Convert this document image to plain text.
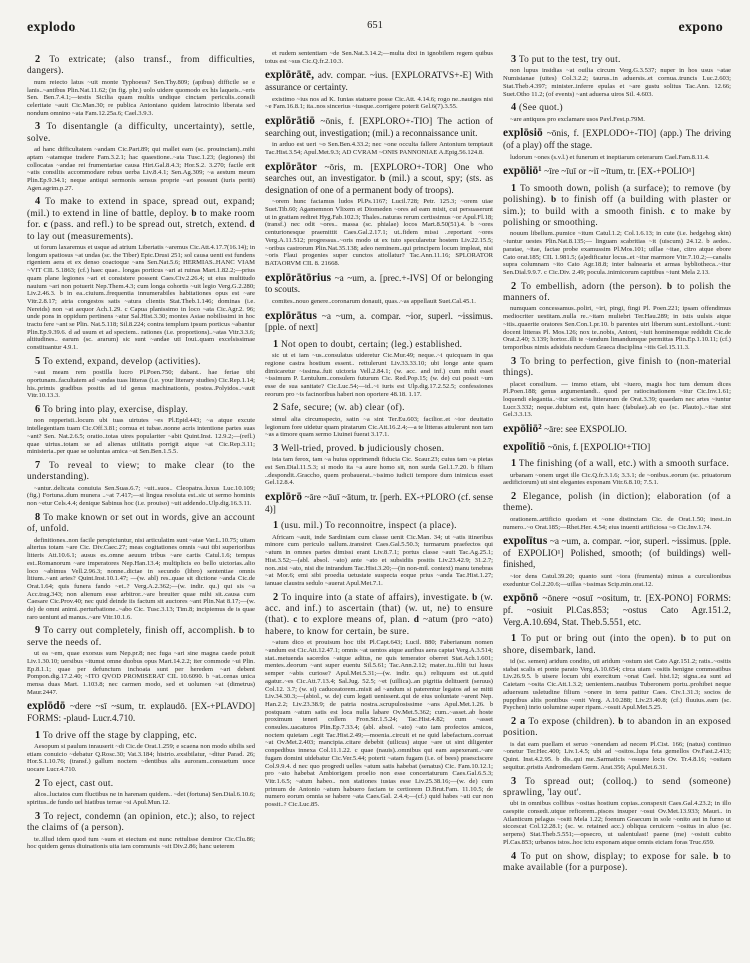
explodo	651	expono
2 To extricate; (also transf., from difficulties, dangers).
num reiecto latus ~uit monte Typhoeus? Sen.Thy.809; (apibus) difficile se e lanis..~antibus Plin.Nat.11.62; (in fig. phr.) uolo uidere quomodo ex his laqueis..~eris Sen. Ben.7.4.1;—testis Sicilia quam multis undique cinctam periculis..consili celeritate ~auit Cic.Man.30; re publica Antoniano quidem latrocinio liberata sed nondum omnino ~ata Fam.12.25a.6; Cael.3.9.3.
3 To disentangle (a difficulty, uncertainty), settle, solve.
ad hanc difficultatem ~andam Cic.Part.89; qui mallet eam (sc. prouinciam)..mihi aptam ~atamque tradere Fam.3.2.1; hac quaestione..~ata Tusc.1.23; (legiones) ibi collocatas ~andae rei frumentariae causa Hirt.Gal.8.4.3; Hor.S.2. 3.270; facile erit ~atis consiliis accommodare rebus uerba Liv.8.4.1; Sen.Ag.309; ~a aestum meum Plin.Ep.9.34.1; neque antiqui sermonis sensus proprie ~ari possunt (iuris periti) Agen.agrim.p.27.
4 To make to extend in space, spread out, expand; (mil.) to extend in line of battle, deploy. b to make room for. c (pass. and refl.) to be spread out, stretch, extend. d to lay out (measurements).
ut forum laxaremus et usque ad atrium Libertatis ~aremus Cic.Att.4.17.7(16.14); in longum spatiosus ~at undas (sc. the Tiber) Epic.Drusi 251; sol causa uenti est fundens rigentem aera et ex denso coactoque ~ans Sen.Nat.5.6; HERMIAS..HANC VIAM ~VIT CIL 5.1863; (cf.) haec quae.. longas porticus ~ari at ruinas Mart.1.82.2;—prius quam plane legiones ~ari et consistere possent Caes.Civ.2.26.4; ut eius multitudo nauium ~ari non potuerit Nep.Them.4.3; cum longa cohortis ~uit legio Verg.G.2.280; Liv.2.46.3. b in ea..ciuium..frequentia innumerabiles habitationes opus est ~are Vitr.2.8.17; atria congestos satis ~atura clientis Stat.Theb.1.146; dominas (i.e. Nereids) non ~at aequor Ach.1.29. c Capua planissimo in loco ~ata Cic.Agr.2. 96; unde pons in oppidum pertinens ~atur Sal.Hist.3.30; montes Asiae nobilissimi in hoc tractu fere ~ant se Plin. Nat.5.118; Sil.8.224; contra templum ipsum porticus ~abantur Plin.Ep.9.39.6. d ad usum et ad speciem.. rationes (i.e. proportions)..~atas Vitr.3.3.6; altitudines.. earum (sc. ararum) sic sunt ~andae uti Ioui..quam excelsissimae constituantur 4.9.1.
5 To extend, expand, develop (activities).
~aui meam rem postilla lucro Pl.Poen.750; dabant.. hae feriae tibi oportunam..facultatem ad ~andas tuas litteras (i.e. your literary studies) Cic.Rep.1.14; his..primis gradibus positis ad id genus machinationis, postea..Polyidos..~auit Vitr.10.13.3.
6 To bring into play, exercise, display.
non repperisti..locum ubi tuas uirtutes ~es Pl.Epid.443; ~a atque excute intellegentiam tuam Cic.Off.3.81; cornua et tubae..nonne acris intentione partes suas ~ant? Sen. Nat.2.6.5; oratio..totas uires populariter ~abit Quint.Inst. 12.9.2;—(refl.) quae uirtus..totam se ad alienas utilitatis porrigit atque ~at Cic.Rep.3.11; ministeria..per quae se uoluntas amica ~at Sen.Ben.1.5.5.
7 To reveal to view; to make clear (to the understanding).
~antur..delicata conuiuia Sen.Suas.6.7; ~uit..suos.. Cleopatra..luxus Luc.10.109; (fig.) Fortuna..dum munera ..~at 7.417;—si lingua resoluta est..sic ut sermo hominis non ~etur Cels.4.4; denique Sabinus hoc (i.e. prouiso) ~uit addendo..Ulp.dig.16.3.11.
8 To make known or set out in words, give an account of, unfold.
definitiones..non facile perspiciuntur, nisi articulatim sunt ~atae Var.L.10.75; uitam alterius totam ~are Cic. Div.Caec.27; meas cogitationes omnis ~aui tibi superioribus litteris Att.10.6.1; ausus es..omne aeuum tribus ~are cartis Catul.1.6; tempus est..Romanorum ~are imperatores Nep.Han.13.4; multiplicis eo bello uictorias..alio loco ~abimus Vell.2.96.3; nonne..dictae in secundo (libro) sententiae omnis litium..~ant artes? Quint.Inst.10.1.47; —(w. abl) res..quae sit dictione ~anda Cic.de Orat.1.64; quis funera fando ~et..? Verg.A.2.362;—(w. indir. qu.) qui sis ~a Acc.trag.343; non alienum esse arbitror..~are breuiter quae mihi sit..causa cum Caesare Cic.Prov.40; nec quid deinde iis factum sit auctores ~ant Plin.Nat 8.17;—(w. de) de omni animi..perturbatione..~abo Cic. Tusc.3.13; Tim.8; incipiemus de is quae raro ueniunt ad manus..~are Vitr.10.1.6.
9 To carry out completely, finish off, accomplish. b to serve the needs of.
ut ea ~em, quae exorsus sum Nep.pr.8; nec fuga ~ari sine magna caede potuit Liv.1.30.10; uersibus ~itumst omne duobus opus Mart.14.2.2; iter commode ~ui Plin. Ep.8.1.1; quae per defunctum inchoata sunt per heredem ~ari debent Pompon.dig.17.2.40; ~ITO QVOD PROMISERAT CIL 10.6090. b ~at..cenas unica mensa duas Mart. 1.103.8; nec carmen modo, sed et uolumen ~at (dimetrus) Maur.2447.
explōdō ~dere ~sī ~sum, tr. explaudō. [EX-+PLAVDO] FORMS: -plaud- Lucr.4.710.
1 To drive off the stage by clapping, etc.
Aesopum si paulum inrauserit ~di Cic.de Orat.1.259; e scaena non modo sibilis sed etiam conuicio ~debatur Q.Rosc.30; Vat.3.184; histrio..exsibilatur, ~ditur Parad. 26; Hor.S.1.10.76; (transf.) gallum noctem ~dentibus alis auroram..consuetum uoce uocare Lucr.4.710.
2 To eject, cast out.
alios..luctatos cum fluctibus ne in harenam quidem.. ~det (fortuna) Sen.Dial.6.10.6; spiritus..de fundo uel hiatibus terrae ~si Apul.Mun.12.
3 To reject, condemn (an opinion, etc.); also, to reject the claims of (a person).
te..illud idem quod tum ~sum et eiectum est nunc rettulisse demiror Cic.Clu.86; hoc quidem genus diuinationis uita iam communis ~sit Div.2.86; hanc ueterem
et rudem sententiam ~de Sen.Nat.3.14.2;—multa dixi in ignobilem regem quibus totus est ~sus Cic.Q.fr.2.10.3.
explōrātē, adv. compar. ~ius. [EXPLORATVS+-E] With assurance or certainty.
existimo ~ius nos ad K. Iunias statuere posse Cic.Att. 4.14.6; rogo ne..nauiges nisi ~e Fam.16.8.1; ita..nos sincerius ~iusque..corrigere poterit Gel.6(7).3.55.
explōrātiō ~ōnis, f. [EXPLORO+-TIO] The action of searching out, investigation; (mil.) a reconnaissance unit.
in arduo est ueri ~o Sen.Ben.4.33.2; nec ~one occulta fallere Antonium temptauit Tac.Hist.3.54; Apul.Met.9.3; AD CVRAM ~ONIS PANNONIAE A.Epig.56.124.8.
explōrātor ~ōris, m. [EXPLORO+-TOR] One who searches out, an investigator. b (mil.) a scout, spy; (sts. as designation of one of a permanent body of troops).
~orem hunc faciamus ludos Pl.Ps.1167; Lucil.728; Petr. 125.3; ~orem uiae Suet.Tib.60; Agamemnon Vlixem et Diomeden ~ores ad eam misit, cui persuaserunt ut in gratiam rediret Hyg.Fab.102.3; Thales..naturas rerum certissimus ~or Apul.Fl.18; (transf.) nec odit ~ores.. massa (sc. phialae) locos Mart.8.50(51).4. b ~ores centurionesque praemittit Caes.Gal.2.17.1; ut..fidem missi ..reportant ~ores Verg.A.11.512; progressus..~oris modo ut ex tuto specularetur hostem Liv.22.15.5; ~oribus castrorum Plin.Nat.35.138; adeo neminem..qui principem locum impleat, nisi ~oris Flaui progenies super cunctos attollatur? Tac.Ann.11.16; SPLORATOR BATAORVM CIL 8. 21668.
explōrātōrius ~a ~um, a. [prec.+-IVS] Of or belonging to scouts.
comites..nouo genere..coronarum donauit, quas..~as appellauit Suet.Cal.45.1.
explōrātus ~a ~um, a. compar. ~ior, superl. ~issimus. [pple. of next]
1 Not open to doubt, certain; (leg.) established.
sic ut ei iam ~us..consulatus uideretur Cic.Mur.49; neque..~i quicquam in qua regione castra hostium essent.. rettulerunt Liv.33.33.10; ubi longe ante quam dimicaretur ~issima..fuit uictoria Vell.2.84.1; (w. acc. and inf.) cum mihi esset ~issimum P. Lentulum..consulem futurum Cic. Red.Pop.15; (w. de) cui possit ~um esse de sua sanitate? Cic.Luc.54;—id..~i iuris est Ulp.dig.17.2.52.5; confessiones reorum pro ~is facinoribus haberi non oportere 48.18. 1.17.
2 Safe, secure; (w. ab) clear (of).
simul alia circumspecto, satin ~a sint Ter.Eu.603; facilior..et ~ior deuitatio legionum fore uidetur quam piratarum Cic.Att.16.2.4;—a te litteras attulerunt non tam ~as a timore quam sermo Liuinei fuerat 3.17.1.
3 Well-tried, proved. b judiciously chosen.
ista tam ferox, tam ~a huius opprimendi fiducia Cic. Scaur.23; cuius tam ~a pietas est Sen.Dial.11.5.3; si modo ita ~a aure homo sit, non surda Gel.1.7.20. b filiam ..despondit..Graccho, quem probauerat..~issimo iudicii tempore dum inimicus esset Gel.12.8.4.
explōrō ~āre ~āuī ~ātum, tr. [perh. EX-+PLORO (cf. sense 4)]
1 (usu. mil.) To reconnoitre, inspect (a place).
Africam ~auit, inde Sardiniam cum classe uenit Cic.Man. 34; ut ~atis itineribus minore cum periculo uallum..transiret Caes.Gal.5.50.3; turmarum praefectos qui ~atum in omnes partes dimissi erant Liv.8.7.1; portus classe ~auit Tac.Ag.25.1; Hist.3.52;—(abl. absol. ~ato) ante ~ato et subsidiis positis Liv.23.42.9; 31.2.7; non..nisi ~ato, nisi die intrandum Tac.Hist.3.20;—(in non-mil. context) manu tenebras ~at Mor.6; emi sibi proedia uetustate suspecta eoque prius ~anda Tac.Hist.1.27; ianuae claustra sedulo ~auerat Apul.Met.7.1.
2 To inquire into (a state of affairs), investigate. b (w. acc. and inf.) to ascertain (that) (w. ut, ne) to ensure (that). c to explore means of, plan. d ~atum (pro ~ato) habere, to know for certain, be sure.
~atum dico et prouisum hoc tibi Pl.Capt.643; Lucil. 880; Faberianum nomen ~andum est Cic.Att.12.47.1; omnis ~at uentos atque auribus aera captat Verg.A.3.514; stat..metuenda sacerdos ~atque aditus, ne quis temerator oberret Stat.Ach.1.601; mentes..deorum ~ant super euentu Sil.5.61; Tac.Ann.2.12; mater..tu..filii tui lusus semper ~abis curiose? Apul.Met.5.31;—(w. indir. qu.) reliquum est ut..quid agatur..~es Cic.Att.7.13.4; Sal.Jug. 52.5; ~et (uillica)..an pigritia delituerit (seruus) Col.12. 3.7; (w. si) caduceatorem..misit ad ~andum si paterentur legatos ad se mitti Liv.34.30.3;—(abiol., w. de) cum legati uenissent..qui de eius uoluntate ~arent Nep. Han.2.2; Liv.23.38.9; de patria nostra..scrupulosissime ~ans Apul.Met.1.26. b postquam ~atum satis est loca nulla labare Ov.Met.5.362; cum..~asset..ab hoste proximum teneri collem Fron.Str.1.5.24; Tac.Hist.4.82; cum ~asset consules..uacaturos Plin.Ep.7.33.4; (abl. absol. ~ato) ~ato iam profectos amicos, noctem quietam ..egit Tac.Hist.2.49;—moenia..circuit et ne quid labefactum..corruat ~at Ov.Met.2.403; mancipia..citare debebit (uilicus) atque ~are ut sint diligenter conpedibus innexa Col.11.1.22. c quae (nauis)..omnibus qui eam aspexerant..~are fugam domini uidebatur Cic.Ver.5.44; poterit ~atam fugam (i.e. of bees) praesciscere Col.9.9.4. d nec quo progredi uelles ~atum satis habebat (senatus) Cic. Fam.10.12.1; pro ~ato habebat Ambiorigem proelio non esse concertaturum Caes.Gal.6.5.3; Vitr.1.6.5; ~atum habeo.. non stationes iustas esse Liv.25.38.16;—(w. de) cum primum de Antonio ~atum habuero faciam te certiorem D.Brut.Fam. 11.10.5; de numero eorum omnia se habere ~ata Caes.Gal. 2.4.4;—(cf.) quid habes ~ati cur non possit..? Cic.Luc.85.
3 To put to the test, try out.
non lupus insidias ~at ouilia circum Verg.G.3.537; nuper in hos usus ~atae Numisianae (uites) Col.3.2.2; taurus..in aduersis..et cornua..truncis Luc.2.603; Stat.Theb.4.397; minister..inferre epulas et ~are gustu solitus Tac.Ann. 12.66; Suet.Otho 11.2; (of events) ~ant aduersa uiros Sil. 4.603.
4 (See quot.)
~are antiquos pro exclamare usos Pavl.Fest.p.79M.
explōsiō ~ōnis, f. [EXPLODO+-TIO] (app.) The driving (of a play) off the stage.
ludorum ~ones (s.v.l.) et funerum et ineptiarum ceterarum Cael.Fam.8.11.4.
expōliō¹ ~īre ~īuī or ~iī ~ītum, tr. [EX-+POLIO¹]
1 To smooth down, polish (a surface); to remove (by polishing). b to finish off (a building with plaster or sim.); to build with a smooth finish. c to make by polishing or smoothing.
nouum libellum..pumice ~itum Catul.1.2; Col.1.6.13; in cute (i.e. hedgehog skin) ~iuntur uestes Plin.Nat.8.135;— linguam scabritias ~it (uiscum) 24.12. b aedes.. paratae, ~itae, factae probe examussim Pl.Mos.101; uillae ~itae, citro atque ebore Cato orat.185; CIL 1.981.5; (a)edificatur locus..et ~itur marmore Vitr.7.10.2;—canalis supra columnam ~ito Cato Agr.18.8; inter balnearia et armas bybliotheca..~itur Sen.Dial.9.9.7. c Cic.Div. 2.49; pocula..inimicorum capitibus ~iunt Mela 2.13.
2 To embellish, adorn (the person). b to polish the manners of.
numquam concessamus..poliri, ~iri, pingi, fingi Pl. Poen.221; ipsam offendimus mediocriter uestitam..nulla re..~itam muliebri Ter.Hau.289; in istis uulsis atque ~itis..quaerite oratores Sen.Con.1.pr.10. b parentes uiri liberum sunt..extollunt..~iunt: docent litteras Pl. Mos.126; nox te..nobis, Antoni, ~iuit hominemque reddidit Cic.de Orat.2.40; 3.139; hortor..illi te ~iendum limandumque permittas Plin.Ep.1.10.11; (cf.) temporibus nimis adsiduis necdum Graeca disciplina ~itis Gel.15.11.3.
3 To bring to perfection, give finish to (non-material things).
placet consilium. — immo etiam, ubi ~iuero, magis hoc tum demum dices Pl.Poen.188; genus argumentandi.. quod per ratiocinationem ~itur Cic.Inv.1.61; loquendi elegantia..~itur scientia litterarum de Orat.3.39; quaedam nec artes ~iuntur Lucr.3.332; neque..dubium est, quin haec (fabulae)..ab eo (sc. Plauto)..~itae sint Gel.3.3.13.
expōliō² ~āre: see EXSPOLIO.
expolītiō ~ōnis, f. [EXPOLIO¹+TIO]
1 The finishing (of a wall, etc.) with a smooth surface.
urbanam ~onem urget ille Cic.Q.fr.3.1.6; 3.3.1; de ~onibus..eorum (sc. priuatorum aedificiorum) uti sint elegantes exponam Vitr.6.8.10; 7.5.1.
2 Elegance, polish (in diction); elaboration (of a theme).
orationem..artificio quodam et ~one distinctam Cic. de Orat.1.50; inest..in numero..~o Orat.185;—Rhet.Her. 4.54; eius inuenti artificiosa ~o Cic.Inv.1.74.
expolītus ~a ~um, a. compar. ~ior, superl. ~issimus. [pple. of EXPOLIO¹] Polished, smooth; (of buildings) well-finished,
~ior dens Catul.39.20; quanto sunt ~iora (frumenta) minus a curculionibus exeduntur Col.2.20.6;—uillas ~issimas Scip.min.orat.12.
expōnō ~ōnere ~osuī ~ositum, tr. [EX-PONO] FORMS: pf. ~osiuit Pl.Cas.853; ~ostus Cato Agr.151.2, Verg.A.10.694, Stat. Theb.5.551, etc.
1 To put or bring out (into the open). b to put on shore, disembark, land.
id (sc. semen) aridum condito, uti aridum ~ostum siet Cato Agr.151.2; ratis..~ositis stabat scalis et ponte parato Verg.A.10.654; circa uiam ~ositis benigne commeatibus Liv.26.9.5. b uisere locum ubi exercitum ~onat Cael. hist.12; signa..ea sunt ad Caietam ~osita Cic.Att.1.3.2; uenientem..nauibus Tuberonem portu..prohibet neque aduersum usletudine filium ~onere in terra patitur Caes. Civ.1.31.3; socios de puppibus altis pontibus ~onit Verg. A.10.288; Liv.23.40.8; (cf.) fluuius..eam (sc. Psychen) inrio uolumine super ripam..~osuit Apul.Met.5.25.
2 a To expose (children). b to abandon in an exposed position.
is dat eam puellam ei seruo ~onendam ad necem Pl.Cist. 166; (natus) continuo ~onetur Ter.Hec.400; Liv.1.4.5; ubi ad ~ositos..lupa feta gemellos Ov.Fast.2.413; Quint. Inst.4.2.95. b dis..qui me..Sarmaticis ~osuere locis Ov. Tr.4.8.16; ~ositam sequitur..pristis Andromedam Germ. Arat.356; Apul.Met.6.31.
3 To spread out; (colloq.) to send (someone) sprawling, 'lay out'.
ubi in omnibus collibus ~ositas hostium copias..conspexit Caes.Gal.4.23.2; in illo caespite consedi..utque reficerem..pisces insuper ~osui Ov.Met.13.933; Mauri.. in Atlanticum pelagus ~ositi Mela 1.22; foenum Graecum in sole ~onito aut in furno ut siccescat Col.12.28.1; (sc. w. retained acc.) obliqua ceruicem ~ositus in aluo (sc. serpens) Stat.Theb.5.551;—opsecro, ut ualentulast! paene (me) ~osiuit cubito Pl.Cas.853; urbanos istos..hoc ictu exponam atque omnis eiciam foras Truc.659.
4 To put on show, display; to expose for sale. b to make available (for a purpose).
